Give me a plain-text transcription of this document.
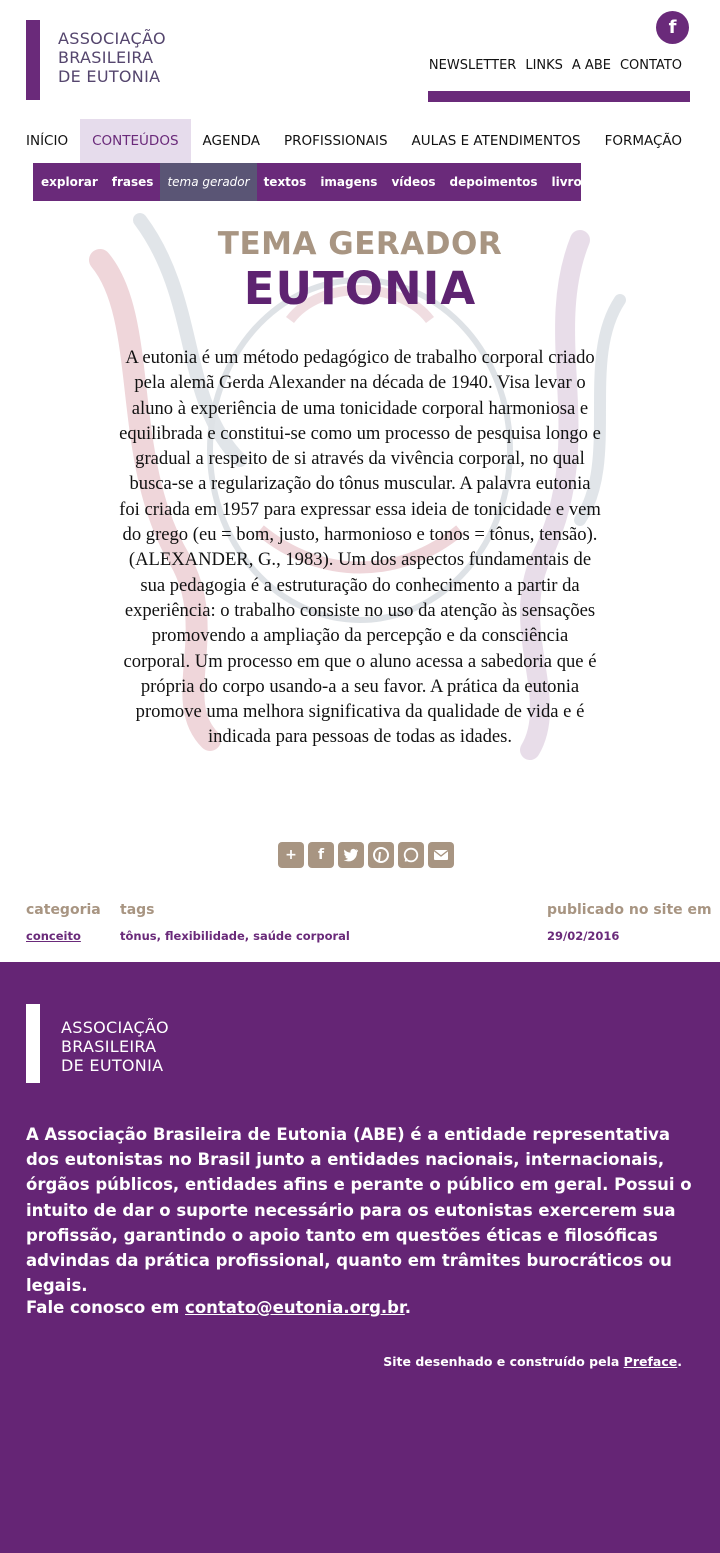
ASSOCIAÇÃO
BRASILEIRA
DE EUTONIA
f
NEWSLETTER LINKS A ABE CONTATO
INÍCIO	CONTEÚDOS	AGENDA	PROFISSIONAIS	AULAS E ATENDIMENTOS	FORMAÇÃO
explorar	frases	tema gerador	textos	imagens	vídeos	depoimentos	livros	coleção
TEMA GERADOR
EUTONIA

A eutonia é um método pedagógico de trabalho corporal criado pela alemã Gerda Alexander na década de 1940. Visa levar o aluno à experiência de uma tonicidade corporal harmoniosa e equilibrada e constitui-se como um processo de pesquisa longo e gradual a respeito de si através da vivência corporal, no qual busca-se a regularização do tônus muscular. A palavra eutonia foi criada em 1957 para expressar essa ideia de tonicidade e vem do grego (eu = bom, justo, harmonioso e tonos = tônus, tensão). (ALEXANDER, G., 1983). Um dos aspectos fundamentais de sua pedagogia é a estruturação do conhecimento a partir da experiência: o trabalho consiste no uso da atenção às sensações promovendo a ampliação da percepção e da consciência corporal. Um processo em que o aluno acessa a sabedoria que é própria do corpo usando-a a seu favor. A prática da eutonia promove uma melhora significativa da qualidade de vida e é indicada para pessoas de todas as idades.

+	f
categoria
conceito
tags
tônus, flexibilidade, saúde corporal
publicado no site em
29/02/2016
ASSOCIAÇÃO
BRASILEIRA
DE EUTONIA

A Associação Brasileira de Eutonia (ABE) é a entidade representativa dos eutonistas no Brasil junto a entidades nacionais, internacionais, órgãos públicos, entidades afins e perante o público em geral. Possui o intuito de dar o suporte necessário para os eutonistas exercerem sua profissão, garantindo o apoio tanto em questões éticas e filosóficas advindas da prática profissional, quanto em trâmites burocráticos ou legais.

Fale conosco em contato@eutonia.org.br.
Site desenhado e construído pela Preface.
